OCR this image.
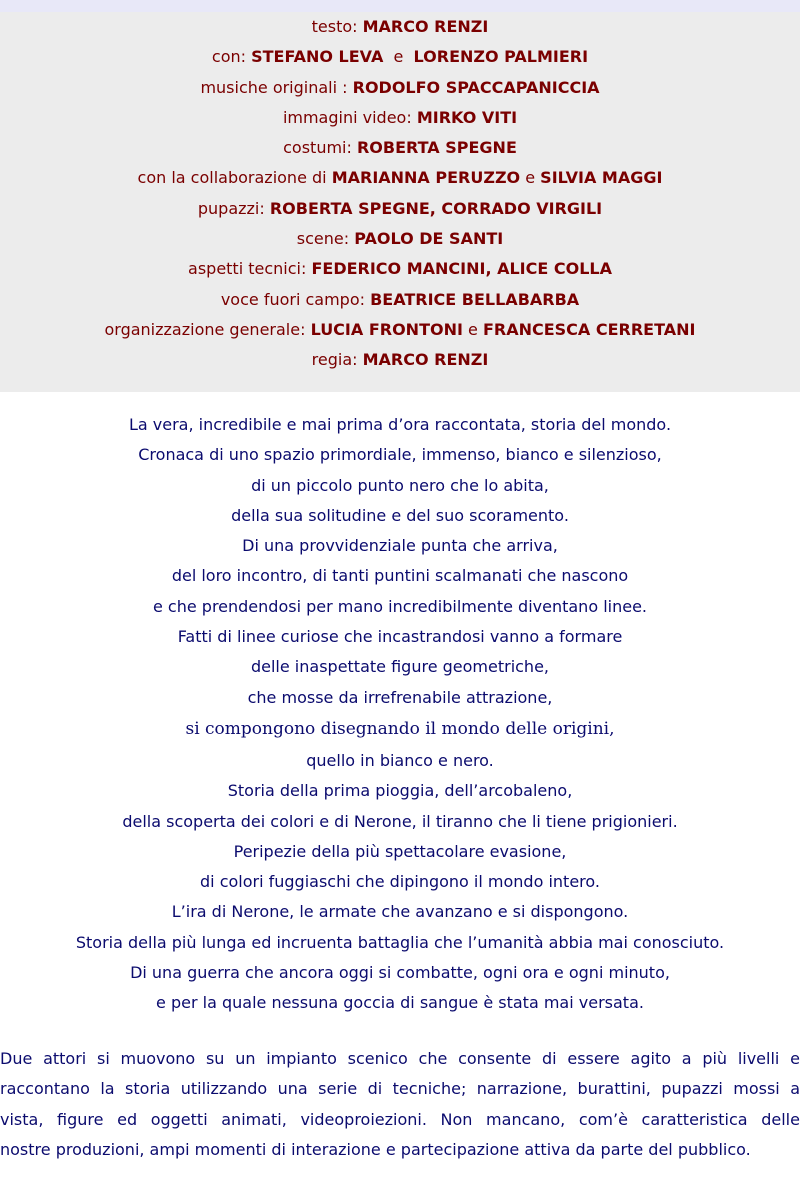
testo: MARCO RENZI
con: STEFANO LEVA  e  LORENZO PALMIERI
musiche originali : RODOLFO SPACCAPANICCIA
immagini video: MIRKO VITI
costumi: ROBERTA SPEGNE
con la collaborazione di MARIANNA PERUZZO e SILVIA MAGGI
pupazzi: ROBERTA SPEGNE, CORRADO VIRGILI
scene: PAOLO DE SANTI
aspetti tecnici: FEDERICO MANCINI, ALICE COLLA
voce fuori campo: BEATRICE BELLABARBA
organizzazione generale: LUCIA FRONTONI e FRANCESCA CERRETANI
regia: MARCO RENZI
La vera, incredibile e mai prima d’ora raccontata, storia del mondo.
Cronaca di uno spazio primordiale, immenso, bianco e silenzioso,
di un piccolo punto nero che lo abita,
della sua solitudine e del suo scoramento.
Di una provvidenziale punta che arriva,
del loro incontro, di tanti puntini scalmanati che nascono
e che prendendosi per mano incredibilmente diventano linee.
Fatti di linee curiose che incastrandosi vanno a formare
delle inaspettate figure geometriche,
che mosse da irrefrenabile attrazione,
si compongono disegnando il mondo delle origini,
quello in bianco e nero.
Storia della prima pioggia, dell’arcobaleno,
della scoperta dei colori e di Nerone, il tiranno che li tiene prigionieri.
Peripezie della più spettacolare evasione,
di colori fuggiaschi che dipingono il mondo intero.
L’ira di Nerone, le armate che avanzano e si dispongono.
Storia della più lunga ed incruenta battaglia che l’umanità abbia mai conosciuto.
Di una guerra che ancora oggi si combatte, ogni ora e ogni minuto,
e per la quale nessuna goccia di sangue è stata mai versata.
Due attori si muovono su un impianto scenico che consente di essere agito a più livelli e
raccontano la storia utilizzando una serie di tecniche; narrazione, burattini, pupazzi mossi a
vista, figure ed oggetti animati, videoproiezioni. Non mancano, com’è caratteristica delle
nostre produzioni, ampi momenti di interazione e partecipazione attiva da parte del pubblico.
